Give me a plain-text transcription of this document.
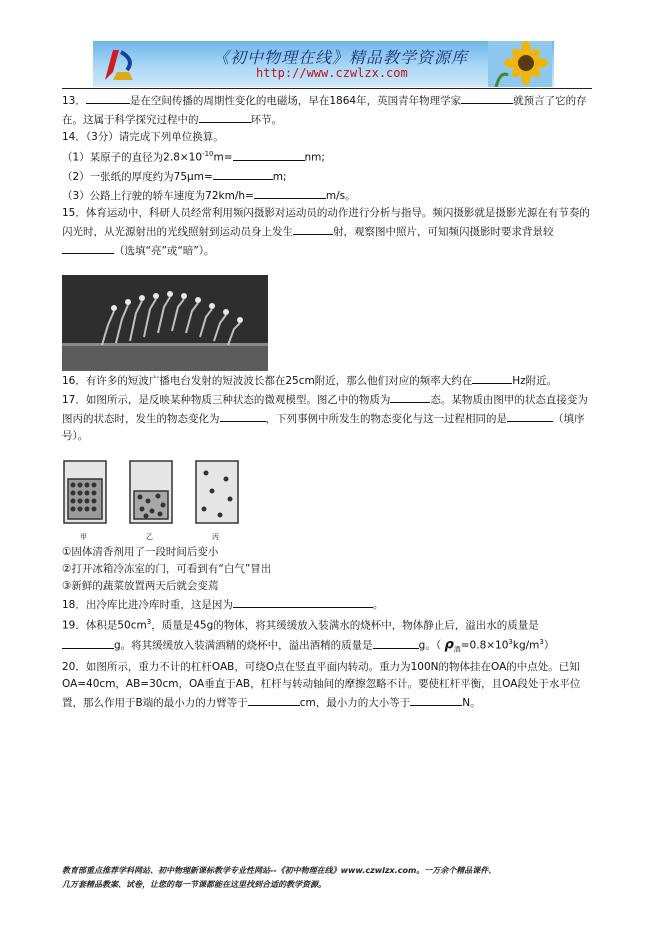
《初中物理在线》精品教学资源库
http://www.czwlzx.com

13．	是在空间传播的周期性变化的电磁场，早在1864年，英国青年物理学家	就预言了它的存在。这属于科学探究过程中的	环节。

14．（3分）请完成下列单位换算。

（1）某原子的直径为$2.8\times 10^{-10}m=$	nm;

（2）一张纸的厚度约为75μm=	m;

（3）公路上行驶的轿车速度为72km/h=	m/s。

15．体育运动中，科研人员经常利用频闪摄影对运动员的动作进行分析与指导。频闪摄影就是摄影光源在有节奏的闪光时，从光源射出的光线照射到运动员身上发生	射，观察图中照片，可知频闪摄影时要求背景较（选填“亮”或“暗”）。

16．有许多的短波广播电台发射的短波波长都在25cm附近，那么他们对应的频率大约在	Hz附近。

17．如图所示，是反映某种物质三种状态的微观模型。图乙中的物质为	态。某物质由图甲的状态直接变为图丙的状态时，发生的物态变化为	，下列事例中所发生的物态变化与这一过程相同的是	（填序号）。

甲	乙	丙

①固体清香剂用了一段时间后变小

②打开冰箱冷冻室的门，可看到有“白气”冒出

③新鲜的蔬菜放置两天后就会变蔫

18．出冷库比进冷库时重，这是因为	。

19．体积是$50cm^3$，质量是45g的物体，将其缓缓放入装满水的烧杯中，物体静止后，溢出水的质量是

g。将其缓缓放入装满酒精的烧杯中，溢出酒精的质量是	g。（ $\rho_酒=0.8\times 10^3kg/m^3$）

20．如图所示，重力不计的杠杆OAB，可绕O点在竖直平面内转动。重力为100N的物体挂在OA的中点处。已知OA=40cm，AB=30cm，OA垂直于AB，杠杆与转动轴间的摩擦忽略不计。要使杠杆平衡，且OA段处于水平位置，那么作用于B端的最小力的力臂等于	cm，最小力的大小等于	N。

教育部重点推荐学科网站、初中物理新课标教学专业性网站--《初中物理在线》www.czwlzx.com。一万余个精品课件、
几万套精品教案、试卷，让您的每一节课都能在这里找到合适的教学资源。
